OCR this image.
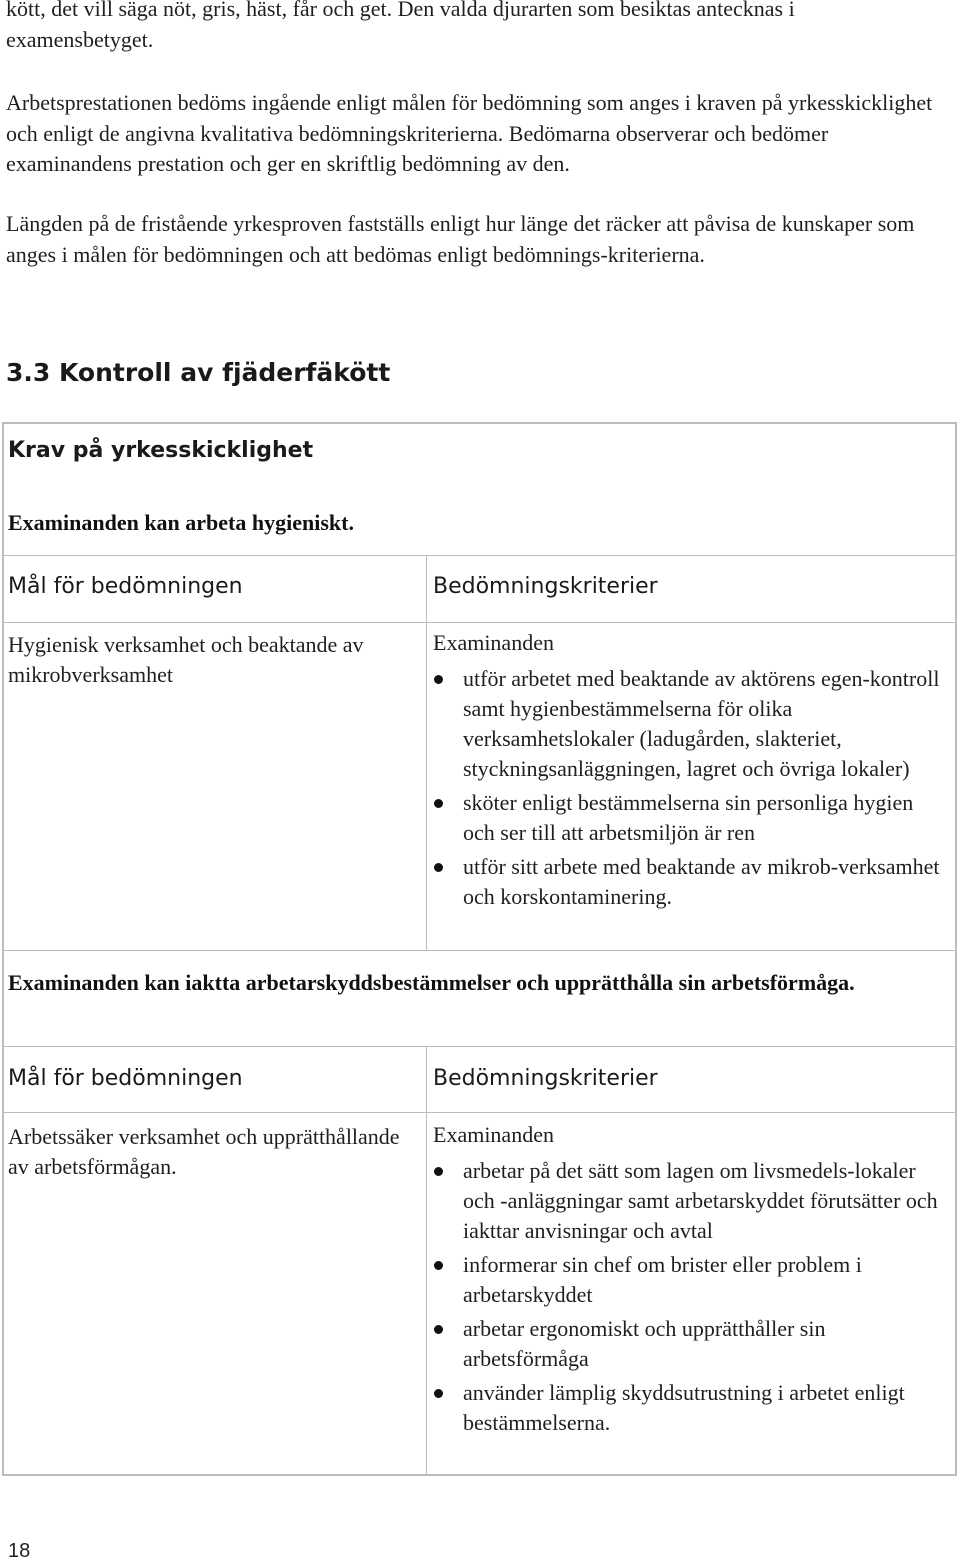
kött, det vill säga nöt, gris, häst, får och get. Den valda djurarten som besiktas antecknas i examensbetyget.

Arbetsprestationen bedöms ingående enligt målen för bedömning som anges i kraven på yrkesskicklighet och enligt de angivna kvalitativa bedömningskriterierna. Bedömarna observerar och bedömer examinandens prestation och ger en skriftlig bedömning av den.

Längden på de fristående yrkesproven fastställs enligt hur länge det räcker att påvisa de kunskaper som anges i målen för bedömningen och att bedömas enligt bedömnings-kriterierna.

3.3 Kontroll av fjäderfäkött
Krav på yrkesskicklighet

Examinanden kan arbeta hygieniskt.

Mål för bedömningen	Bedömningskriterier
Hygienisk verksamhet och beaktande av mikrobverksamhet
Examinanden
utför arbetet med beaktande av aktörens egen-kontroll samt hygienbestämmelserna för olika verksamhetslokaler (ladugården, slakteriet, styckningsanläggningen, lagret och övriga lokaler)
sköter enligt bestämmelserna sin personliga hygien och ser till att arbetsmiljön är ren
utför sitt arbete med beaktande av mikrob-verksamhet och korskontaminering.

Examinanden kan iaktta arbetarskyddsbestämmelser och upprätthålla sin arbetsförmåga.

Mål för bedömningen	Bedömningskriterier
Arbetssäker verksamhet och upprätthållande av arbetsförmågan.
Examinanden
arbetar på det sätt som lagen om livsmedels-lokaler och -anläggningar samt arbetarskyddet förutsätter och iakttar anvisningar och avtal
informerar sin chef om brister eller problem i arbetarskyddet
arbetar ergonomiskt och upprätthåller sin arbetsförmåga
använder lämplig skyddsutrustning i arbetet enligt bestämmelserna.
18
